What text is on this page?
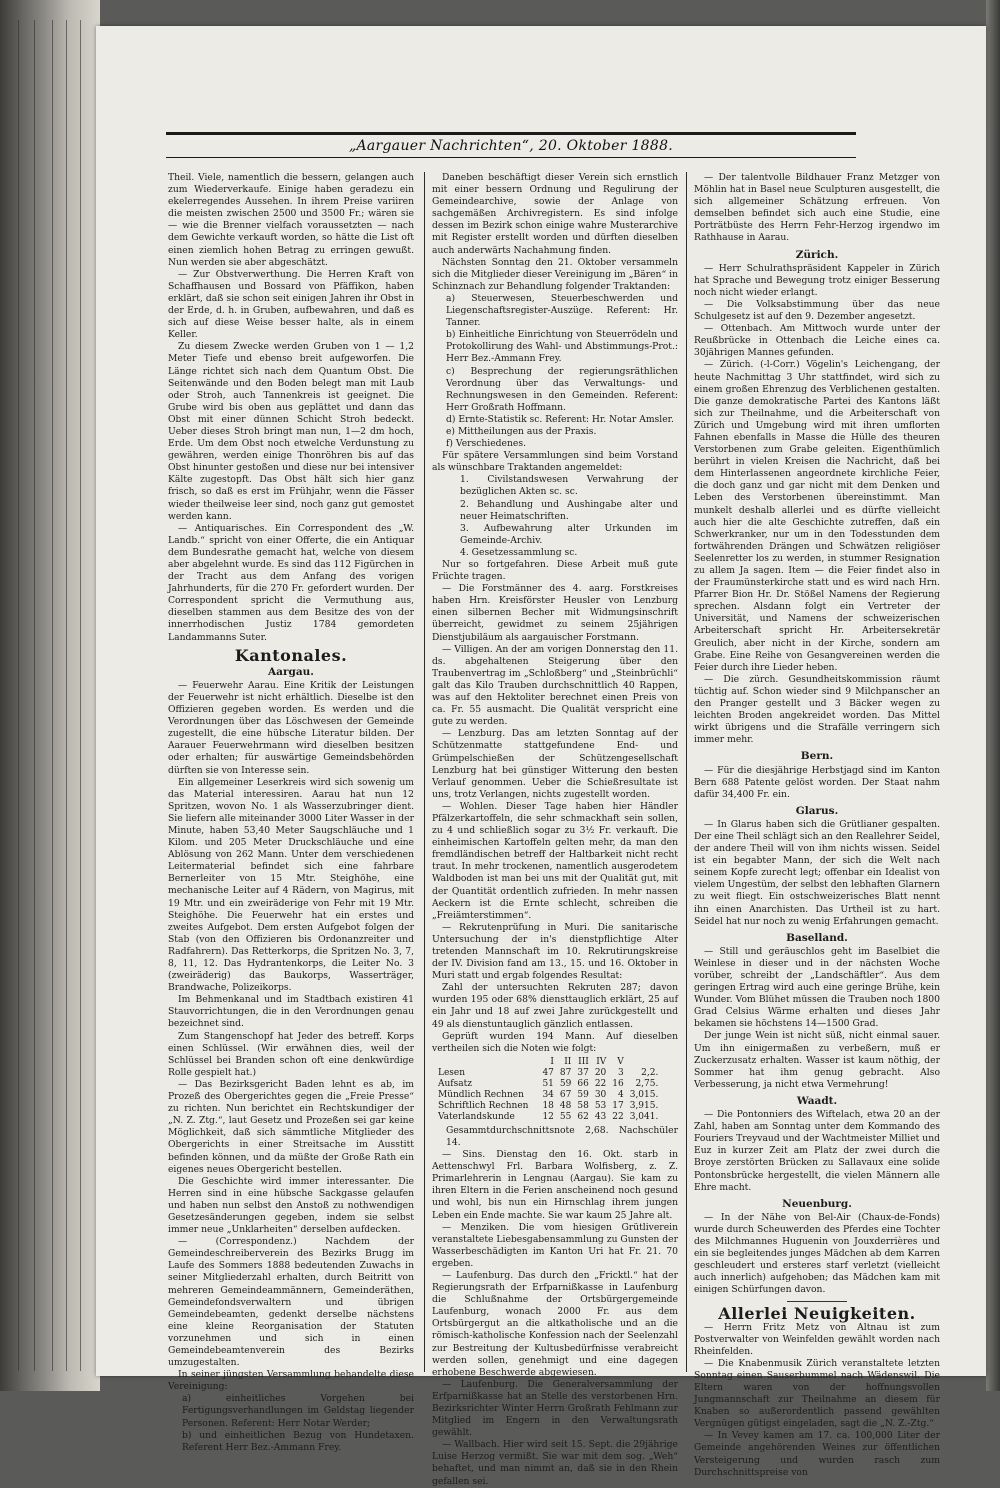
„Aargauer Nachrichten“, 20. Oktober 1888.

Theil. Viele, namentlich die bessern, gelangen auch zum Wiederverkaufe. Einige haben geradezu ein ekelerregendes Aussehen. In ihrem Preise variiren die meisten zwischen 2500 und 3500 Fr.; wären sie — wie die Brenner vielfach voraussetzten — nach dem Gewichte verkauft worden, so hätte die List oft einen ziemlich hohen Betrag zu erringen gewußt. Nun werden sie aber abgeschätzt.

— Zur Obstverwerthung. Die Herren Kraft von Schaffhausen und Bossard von Pfäffikon, haben erklärt, daß sie schon seit einigen Jahren ihr Obst in der Erde, d. h. in Gruben, aufbewahren, und daß es sich auf diese Weise besser halte, als in einem Keller.

Zu diesem Zwecke werden Gruben von 1 — 1,2 Meter Tiefe und ebenso breit aufgeworfen. Die Länge richtet sich nach dem Quantum Obst. Die Seitenwände und den Boden belegt man mit Laub oder Stroh, auch Tannenkreis ist geeignet. Die Grube wird bis oben aus geplättet und dann das Obst mit einer dünnen Schicht Stroh bedeckt. Ueber dieses Stroh bringt man nun, 1—2 dm hoch, Erde. Um dem Obst noch etwelche Verdunstung zu gewähren, werden einige Thonröhren bis auf das Obst hinunter gestoßen und diese nur bei intensiver Kälte zugestopft. Das Obst hält sich hier ganz frisch, so daß es erst im Frühjahr, wenn die Fässer wieder theilweise leer sind, noch ganz gut gemostet werden kann.

— Antiquarisches. Ein Correspondent des „W. Landb.“ spricht von einer Offerte, die ein Antiquar dem Bundesrathe gemacht hat, welche von diesem aber abgelehnt wurde. Es sind das 112 Figürchen in der Tracht aus dem Anfang des vorigen Jahrhunderts, für die 270 Fr. gefordert wurden. Der Correspondent spricht die Vermuthung aus, dieselben stammen aus dem Besitze des von der innerrhodischen Justiz 1784 gemordeten Landammanns Suter.

Kantonales.
Aargau.

— Feuerwehr Aarau. Eine Kritik der Leistungen der Feuerwehr ist nicht erhältlich. Dieselbe ist den Offizieren gegeben worden. Es werden und die Verordnungen über das Löschwesen der Gemeinde zugestellt, die eine hübsche Literatur bilden. Der Aarauer Feuerwehrmann wird dieselben besitzen oder erhalten; für auswärtige Gemeindsbehörden dürften sie von Interesse sein.

Ein allgemeiner Leserkreis wird sich sowenig um das Material interessiren. Aarau hat nun 12 Spritzen, wovon No. 1 als Wasserzubringer dient. Sie liefern alle miteinander 3000 Liter Wasser in der Minute, haben 53,40 Meter Saugschläuche und 1 Kilom. und 205 Meter Druckschläuche und eine Ablösung von 262 Mann. Unter dem verschiedenen Leitermaterial befindet sich eine fahrbare Bernerleiter von 15 Mtr. Steighöhe, eine mechanische Leiter auf 4 Rädern, von Magirus, mit 19 Mtr. und ein zweiräderige von Fehr mit 19 Mtr. Steighöhe. Die Feuerwehr hat ein erstes und zweites Aufgebot. Dem ersten Aufgebot folgen der Stab (von den Offizieren bis Ordonanzreiter und Radfahrern). Das Retterkorps, die Spritzen No. 3, 7, 8, 11, 12. Das Hydrantenkorps, die Leiter No. 3 (zweiräderig) das Baukorps, Wasserträger, Brandwache, Polizeikorps.

Im Behmenkanal und im Stadtbach existiren 41 Stauvorrichtungen, die in den Verordnungen genau bezeichnet sind.

Zum Stangenschopf hat Jeder des betreff. Korps einen Schlüssel. (Wir erwähnen dies, weil der Schlüssel bei Branden schon oft eine denkwürdige Rolle gespielt hat.)

— Das Bezirksgericht Baden lehnt es ab, im Prozeß des Obergerichtes gegen die „Freie Presse“ zu richten. Nun berichtet ein Rechtskundiger der „N. Z. Ztg.“, laut Gesetz und Prozeßen sei gar keine Möglichkeit, daß sich sämmtliche Mitglieder des Obergerichts in einer Streitsache im Ausstitt befinden können, und da müßte der Große Rath ein eigenes neues Obergericht bestellen.

Die Geschichte wird immer interessanter. Die Herren sind in eine hübsche Sackgasse gelaufen und haben nun selbst den Anstoß zu nothwendigen Gesetzesänderungen gegeben, indem sie selbst immer neue „Unklarheiten“ derselben aufdecken.

— (Correspondenz.) Nachdem der Gemeindeschreiberverein des Bezirks Brugg im Laufe des Sommers 1888 bedeutenden Zuwachs in seiner Mitgliederzahl erhalten, durch Beitritt von mehreren Gemeindeammännern, Gemeinderäthen, Gemeindefondsverwaltern und übrigen Gemeindebeamten, gedenkt derselbe nächstens eine kleine Reorganisation der Statuten vorzunehmen und sich in einen Gemeindebeamtenverein des Bezirks umzugestalten.

In seiner jüngsten Versammlung behandelte diese Vereinigung:

a) einheitliches Vorgehen bei Fertigungsverhandlungen im Geldstag liegender Personen. Referent: Herr Notar Werder;

b) und einheitlichen Bezug von Hundetaxen. Referent Herr Bez.-Ammann Frey.

Daneben beschäftigt dieser Verein sich ernstlich mit einer bessern Ordnung und Regulirung der Gemeindearchive, sowie der Anlage von sachgemäßen Archivregistern. Es sind infolge dessen im Bezirk schon einige wahre Musterarchive mit Register erstellt worden und dürften dieselben auch anderwärts Nachahmung finden.

Nächsten Sonntag den 21. Oktober versammeln sich die Mitglieder dieser Vereinigung im „Bären“ in Schinznach zur Behandlung folgender Traktanden:

a) Steuerwesen, Steuerbeschwerden und Liegenschaftsregister-Auszüge. Referent: Hr. Tanner.

b) Einheitliche Einrichtung von Steuerrödeln und Protokollirung des Wahl- und Abstimmungs-Prot.: Herr Bez.-Ammann Frey.

c) Besprechung der regierungsräthlichen Verordnung über das Verwaltungs- und Rechnungswesen in den Gemeinden. Referent: Herr Großrath Hoffmann.

d) Ernte-Statistik sc. Referent: Hr. Notar Amsler.

e) Mittheilungen aus der Praxis.

f) Verschiedenes.

Für spätere Versammlungen sind beim Vorstand als wünschbare Traktanden angemeldet:

1. Civilstandswesen Verwahrung der bezüglichen Akten sc. sc.

2. Behandlung und Aushingabe alter und neuer Heimatschriften.

3. Aufbewahrung alter Urkunden im Gemeinde-Archiv.

4. Gesetzessammlung sc.

Nur so fortgefahren. Diese Arbeit muß gute Früchte tragen.

— Die Forstmänner des 4. aarg. Forstkreises haben Hrn. Kreisförster Heusler von Lenzburg einen silbernen Becher mit Widmungsinschrift überreicht, gewidmet zu seinem 25jährigen Dienstjubiläum als aargauischer Forstmann.

— Villigen. An der am vorigen Donnerstag den 11. ds. abgehaltenen Steigerung über den Traubenvertrag im „Schloßberg“ und „Steinbrüchli“ galt das Kilo Trauben durchschnittlich 40 Rappen, was auf den Hektoliter berechnet einen Preis von ca. Fr. 55 ausmacht. Die Qualität verspricht eine gute zu werden.

— Lenzburg. Das am letzten Sonntag auf der Schützenmatte stattgefundene End- und Grümpelschießen der Schützengesellschaft Lenzburg hat bei günstiger Witterung den besten Verlauf genommen. Ueber die Schießresultate ist uns, trotz Verlangen, nichts zugestellt worden.

— Wohlen. Dieser Tage haben hier Händler Pfälzerkartoffeln, die sehr schmackhaft sein sollen, zu 4 und schließlich sogar zu 3½ Fr. verkauft. Die einheimischen Kartoffeln gelten mehr, da man den fremdländischen betreff der Haltbarkeit nicht recht traut. In mehr trockenen, namentlich ausgerodetem Waldboden ist man bei uns mit der Qualität gut, mit der Quantität ordentlich zufrieden. In mehr nassen Aeckern ist die Ernte schlecht, schreiben die „Freiämterstimmen“.

— Rekrutenprüfung in Muri. Die sanitarische Untersuchung der in's dienstpflichtige Alter tretenden Mannschaft im 10. Rekrutirungskreise der IV. Division fand am 13., 15. und 16. Oktober in Muri statt und ergab folgendes Resultat:

Zahl der untersuchten Rekruten 287; davon wurden 195 oder 68% diensttauglich erklärt, 25 auf ein Jahr und 18 auf zwei Jahre zurückgestellt und 49 als dienstuntauglich gänzlich entlassen.

Geprüft wurden 194 Mann. Auf dieselben vertheilen sich die Noten wie folgt:

	I	II	III	IV	V	
Lesen	47	87	37	20	3	2,2.
Aufsatz	51	59	66	22	16	2,75.
Mündlich Rechnen	34	67	59	30	4	3,015.
Schriftlich Rechnen	18	48	58	53	17	3,915.
Vaterlandskunde	12	55	62	43	22	3,041.

Gesammtdurchschnittsnote 2,68. Nachschüler 14.

— Sins. Dienstag den 16. Okt. starb in Aettenschwyl Frl. Barbara Wolfisberg, z. Z. Primarlehrerin in Lengnau (Aargau). Sie kam zu ihren Eltern in die Ferien anscheinend noch gesund und wohl, bis nun ein Hirnschlag ihrem jungen Leben ein Ende machte. Sie war kaum 25 Jahre alt.

— Menziken. Die vom hiesigen Grütliverein veranstaltete Liebesgabensammlung zu Gunsten der Wasserbeschädigten im Kanton Uri hat Fr. 21. 70 ergeben.

— Laufenburg. Das durch den „Fricktl.“ hat der Regierungsrath der Erfparnißkasse in Laufenburg die Schlußnahme der Ortsbürgergemeinde Laufenburg, wonach 2000 Fr. aus dem Ortsbürgergut an die altkatholische und an die römisch-katholische Konfession nach der Seelenzahl zur Bestreitung der Kultusbedürfnisse verabreicht werden sollen, genehmigt und eine dagegen erhobene Beschwerde abgewiesen.

— Laufenburg. Die Generalversammlung der Erfparnißkasse hat an Stelle des verstorbenen Hrn. Bezirksrichter Winter Herrn Großrath Fehlmann zur Mitglied im Engern in den Verwaltungsrath gewählt.

— Wallbach. Hier wird seit 15. Sept. die 29jährige Luise Herzog vermißt. Sie war mit dem sog. „Weh“ behaftet, und man nimmt an, daß sie in den Rhein gefallen sei.

— Der talentvolle Bildhauer Franz Metzger von Möhlin hat in Basel neue Sculpturen ausgestellt, die sich allgemeiner Schätzung erfreuen. Von demselben befindet sich auch eine Studie, eine Porträtbüste des Herrn Fehr-Herzog irgendwo im Rathhause in Aarau.

Zürich.

— Herr Schulrathspräsident Kappeler in Zürich hat Sprache und Bewegung trotz einiger Besserung noch nicht wieder erlangt.

— Die Volksabstimmung über das neue Schulgesetz ist auf den 9. Dezember angesetzt.

— Ottenbach. Am Mittwoch wurde unter der Reußbrücke in Ottenbach die Leiche eines ca. 30jährigen Mannes gefunden.

— Zürich. (-l-Corr.) Vögelin's Leichengang, der heute Nachmittag 3 Uhr stattfindet, wird sich zu einem großen Ehrenzug des Verblichenen gestalten. Die ganze demokratische Partei des Kantons läßt sich zur Theilnahme, und die Arbeiterschaft von Zürich und Umgebung wird mit ihren umflorten Fahnen ebenfalls in Masse die Hülle des theuren Verstorbenen zum Grabe geleiten. Eigenthümlich berührt in vielen Kreisen die Nachricht, daß bei dem Hinterlassenen angeordnete kirchliche Feier, die doch ganz und gar nicht mit dem Denken und Leben des Verstorbenen übereinstimmt. Man munkelt deshalb allerlei und es dürfte vielleicht auch hier die alte Geschichte zutreffen, daß ein Schwerkranker, nur um in den Todesstunden dem fortwährenden Drängen und Schwätzen religiöser Seelenretter los zu werden, in stummer Resignation zu allem Ja sagen. Item — die Feier findet also in der Fraumünsterkirche statt und es wird nach Hrn. Pfarrer Bion Hr. Dr. Stößel Namens der Regierung sprechen. Alsdann folgt ein Vertreter der Universität, und Namens der schweizerischen Arbeiterschaft spricht Hr. Arbeitersekretär Greulich, aber nicht in der Kirche, sondern am Grabe. Eine Reihe von Gesangvereinen werden die Feier durch ihre Lieder heben.

— Die zürch. Gesundheitskommission räumt tüchtig auf. Schon wieder sind 9 Milchpanscher an den Pranger gestellt und 3 Bäcker wegen zu leichten Broden angekreidet worden. Das Mittel wirkt übrigens und die Strafälle verringern sich immer mehr.

Bern.

— Für die diesjährige Herbstjagd sind im Kanton Bern 688 Patente gelöst worden. Der Staat nahm dafür 34,400 Fr. ein.

Glarus.

— In Glarus haben sich die Grütlianer gespalten. Der eine Theil schlägt sich an den Reallehrer Seidel, der andere Theil will von ihm nichts wissen. Seidel ist ein begabter Mann, der sich die Welt nach seinem Kopfe zurecht legt; offenbar ein Idealist von vielem Ungestüm, der selbst den lebhaften Glarnern zu weit fliegt. Ein ostschweizerisches Blatt nennt ihn einen Anarchisten. Das Urtheil ist zu hart. Seidel hat nur noch zu wenig Erfahrungen gemacht.

Baselland.

— Still und geräuschlos geht im Baselbiet die Weinlese in dieser und in der nächsten Woche vorüber, schreibt der „Landschäftler“. Aus dem geringen Ertrag wird auch eine geringe Brühe, kein Wunder. Vom Blühet müssen die Trauben noch 1800 Grad Celsius Wärme erhalten und dieses Jahr bekamen sie höchstens 14—1500 Grad.

Der junge Wein ist nicht süß, nicht einmal sauer. Um ihn einigermaßen zu verbeßern, muß er Zuckerzusatz erhalten. Wasser ist kaum nöthig, der Sommer hat ihm genug gebracht. Also Verbesserung, ja nicht etwa Vermehrung!

Waadt.

— Die Pontonniers des Wiftelach, etwa 20 an der Zahl, haben am Sonntag unter dem Kommando des Fouriers Treyvaud und der Wachtmeister Milliet und Euz in kurzer Zeit am Platz der zwei durch die Broye zerstörten Brücken zu Sallavaux eine solide Pontonsbrücke hergestellt, die vielen Männern alle Ehre macht.

Neuenburg.

— In der Nähe von Bel-Air (Chaux-de-Fonds) wurde durch Scheuwerden des Pferdes eine Tochter des Milchmannes Huguenin von Jouxderrières und ein sie begleitendes junges Mädchen ab dem Karren geschleudert und ersteres starf verletzt (vielleicht auch innerlich) aufgehoben; das Mädchen kam mit einigen Schürfungen davon.

Allerlei Neuigkeiten.

— Herrn Fritz Metz von Altnau ist zum Postverwalter von Weinfelden gewählt worden nach Rheinfelden.

— Die Knabenmusik Zürich veranstaltete letzten Sonntag einen Sauserbummel nach Wädenswil. Die Eltern waren von der hoffnungsvollen Jungmannschaft zur Theilnahme an diesem für Knaben so außerordentlich passend gewählten Vergnügen gütigst eingeladen, sagt die „N. Z.-Ztg.“

— In Vevey kamen am 17. ca. 100,000 Liter der Gemeinde angehörenden Weines zur öffentlichen Versteigerung und wurden rasch zum Durchschnittspreise von
